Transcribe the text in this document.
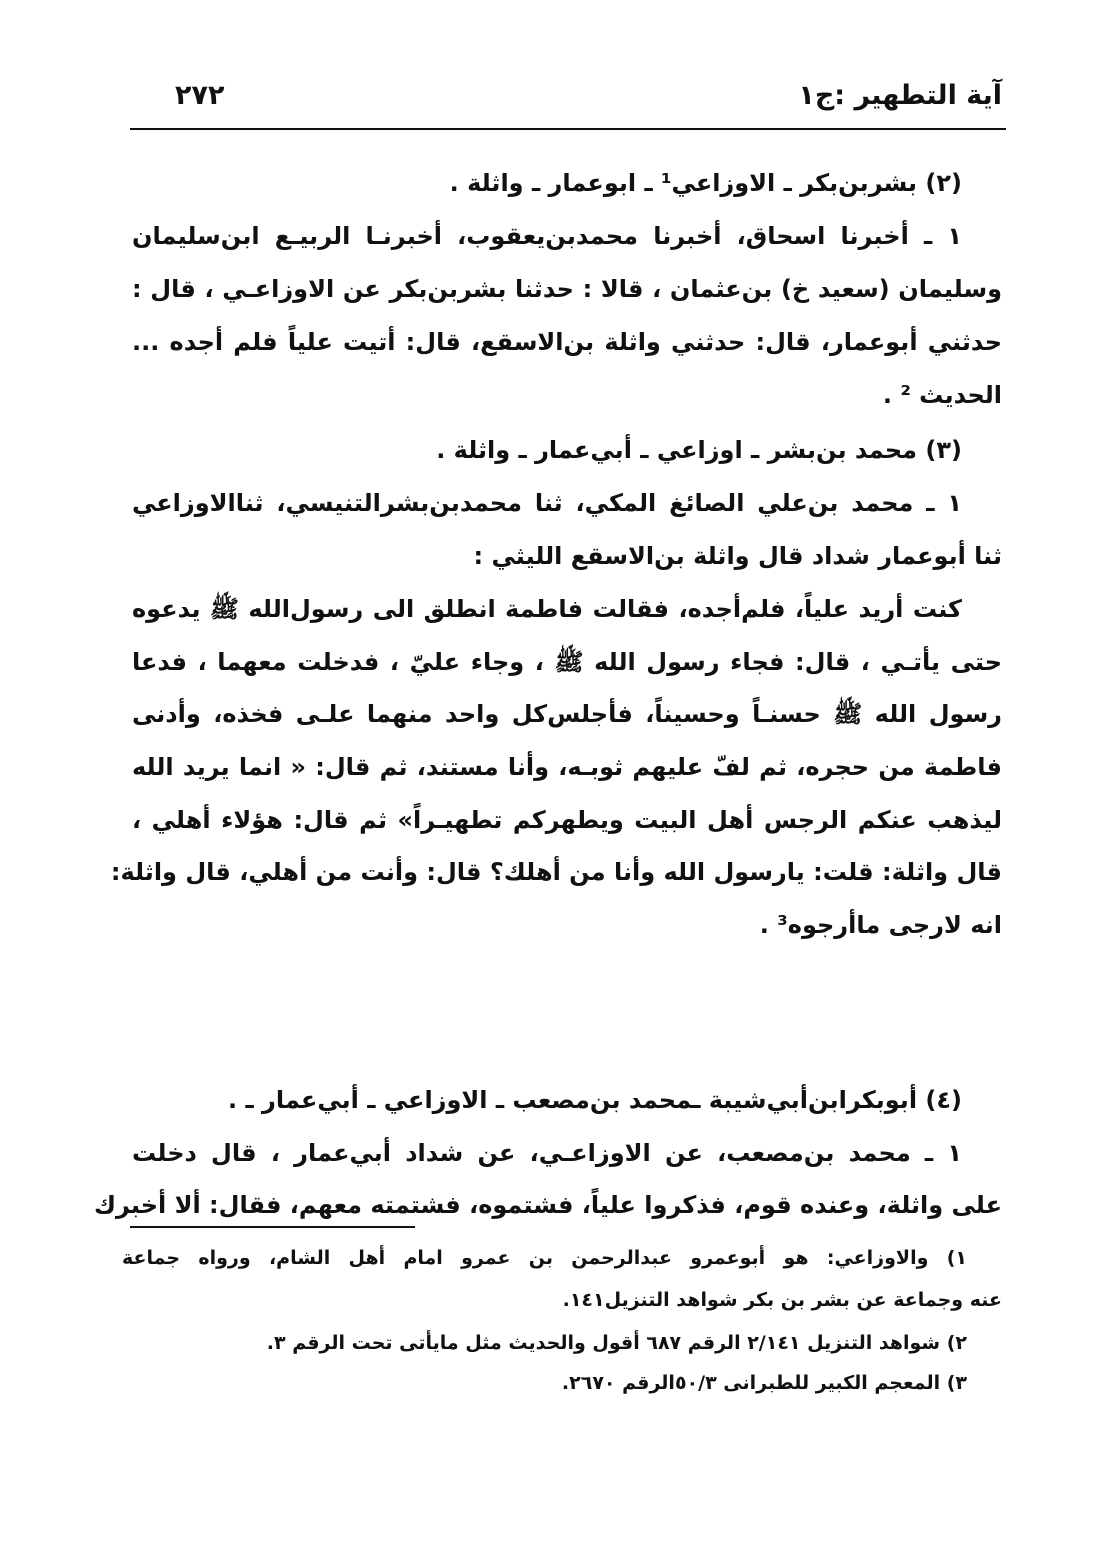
آية التطهير :ج١
٢٧٢
(٢) بشربن‌بكر ـ الاوزاعي¹ ـ ابوعمار ـ واثلة .
١ ـ أخبرنا اسحاق، أخبرنا محمدبن‌يعقوب، أخبرنـا الربيـع ابن‌سليمان
وسليمان (سعيد خ) بن‌عثمان ، قالا : حدثنا بشربن‌بكر عن الاوزاعـي ، قال :
حدثني أبوعمار، قال: حدثني واثلة بن‌الاسقع، قال: أتيت علياً فلم أجده ...
الحديث ² .
(٣) محمد بن‌بشر ـ اوزاعي ـ أبي‌عمار ـ واثلة .
١ ـ محمد بن‌علي الصائغ المكي، ثنا محمدبن‌بشرالتنيسي، ثناالاوزاعي
ثنا أبوعمار شداد قال واثلة بن‌الاسقع الليثي :
كنت أريد علياً، فلم‌أجده، فقالت فاطمة انطلق الى رسول‌الله ﷺ يدعوه
حتى يأتـي ، قال: فجاء رسول الله ﷺ ، وجاء عليّ ، فدخلت معهما ، فدعا
رسول الله ﷺ حسنـاً وحسيناً، فأجلس‌كل واحد منهما علـى فخذه، وأدنى
فاطمة من حجره، ثم لفّ عليهم ثوبـه، وأنا مستند، ثم قال: « انما يريد الله
ليذهب عنكم الرجس أهل البيت ويطهركم تطهيـراً» ثم قال: هؤلاء أهلي ،
قال واثلة: قلت: يارسول الله وأنا من أهلك؟ قال: وأنت من أهلي، قال واثلة:
انه لارجى ماأرجوه³ .
(٤) أبوبكرابن‌أبي‌شيبة ـمحمد بن‌مصعب ـ الاوزاعي ـ أبي‌عمار ـ .
١ ـ محمد بن‌مصعب، عن الاوزاعـي، عن شداد أبي‌عمار ، قال دخلت
على واثلة، وعنده قوم، فذكروا علياً، فشتموه، فشتمته معهم، فقال: ألا أخبرك
١) والاوزاعي: هو أبوعمرو عبدالرحمن بن عمرو امام أهل الشام، ورواه جماعة
عنه وجماعة عن بشر بن بكر شواهد التنزيل١٤١.
٢) شواهد التنزيل ٢/١٤١ الرقم ٦٨٧ أقول والحديث مثل مايأتى تحت الرقم ٣.
٣) المعجم الكبير للطبرانى ٥٠/٣الرقم ٢٦٧٠.
